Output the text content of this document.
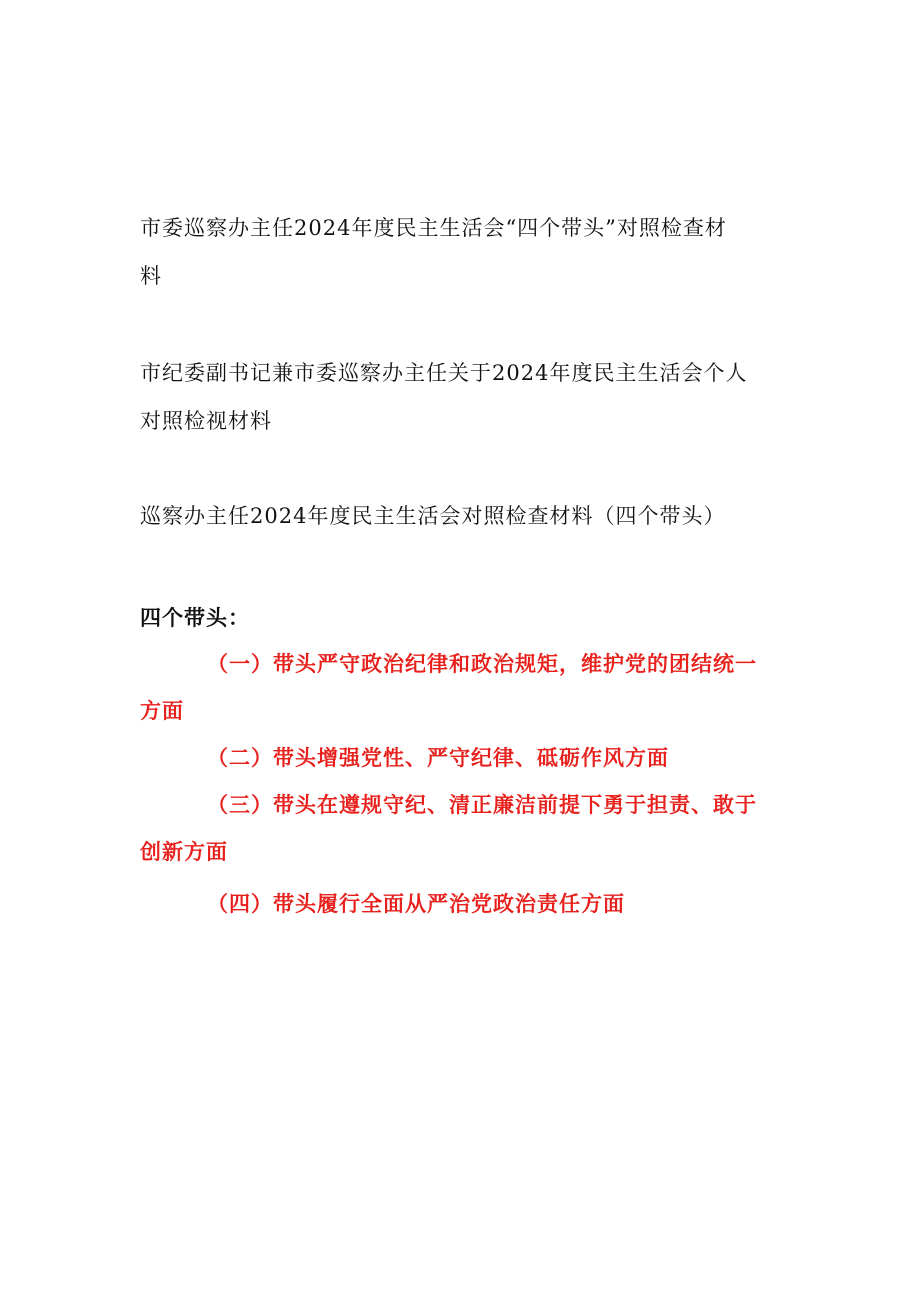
市委巡察办主任2024年度民主生活会“四个带头”对照检查材
料
市纪委副书记兼市委巡察办主任关于2024年度民主生活会个人
对照检视材料
巡察办主任2024年度民主生活会对照检查材料（四个带头）
四个带头：
（一）带头严守政治纪律和政治规矩，维护党的团结统一
方面
（二）带头增强党性、严守纪律、砥砺作风方面
（三）带头在遵规守纪、清正廉洁前提下勇于担责、敢于
创新方面
（四）带头履行全面从严治党政治责任方面
